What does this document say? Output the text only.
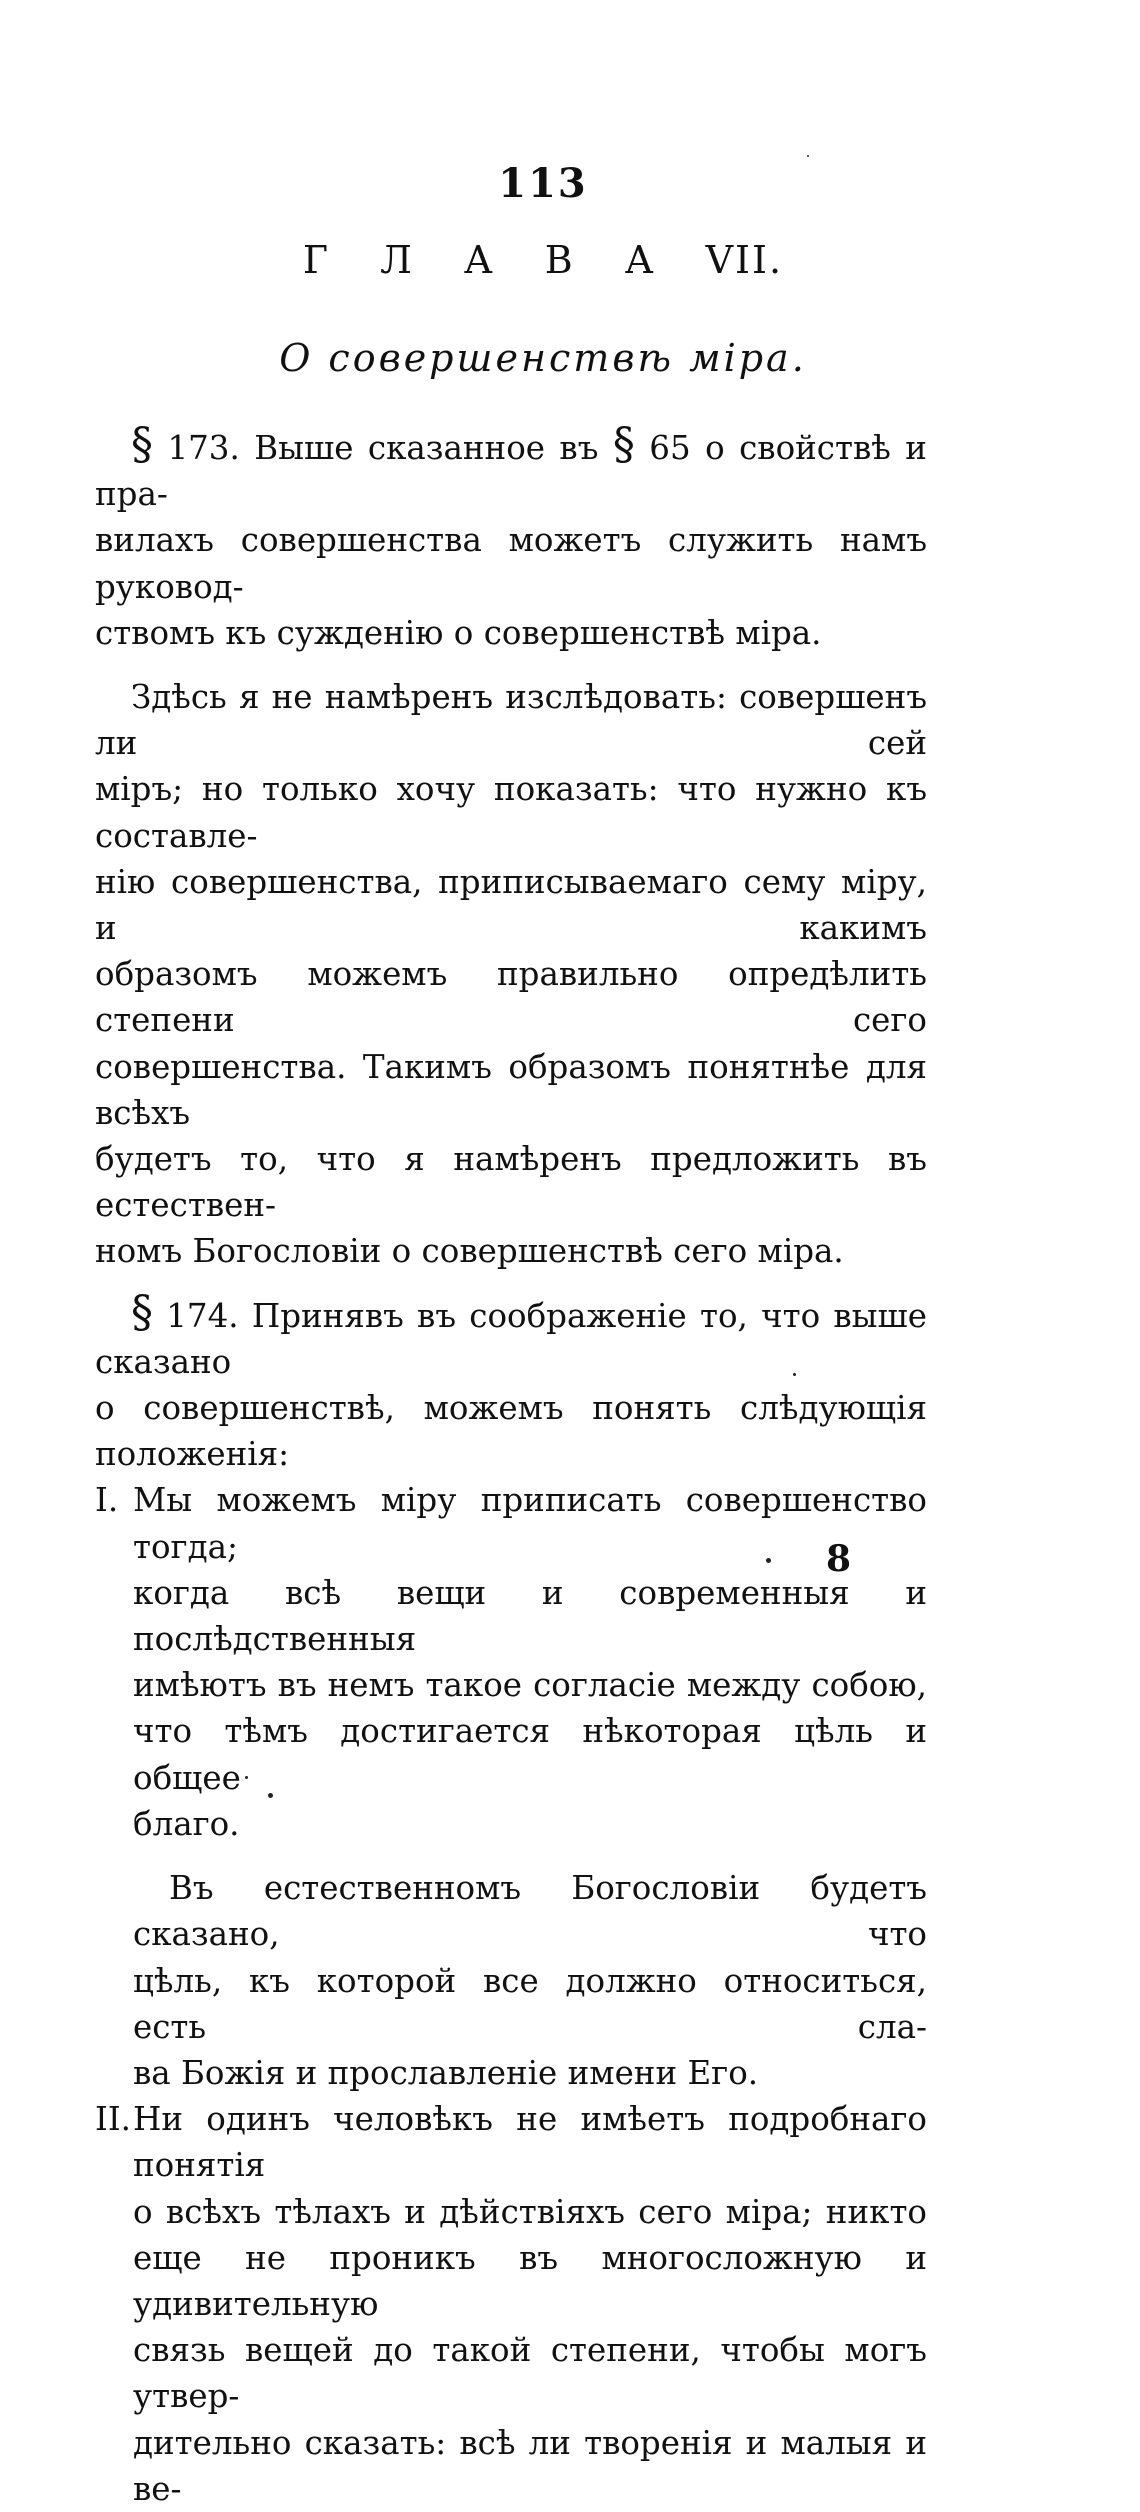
113
Г Л А В А VII.
О совершенствѣ міра.

§ 173. Выше сказанное въ § 65 о свойствѣ и пра-

вилахъ совершенства можетъ служить намъ руковод-

ствомъ къ сужденію о совершенствѣ міра.

Здѣсь я не намѣренъ изслѣдовать: совершенъ ли сей

міръ; но только хочу показать: что нужно къ составле-

нію совершенства, приписываемаго сему міру, и какимъ

образомъ можемъ правильно опредѣлить степени сего

совершенства. Такимъ образомъ понятнѣе для всѣхъ

будетъ то, что я намѣренъ предложить въ естествен-

номъ Богословіи о совершенствѣ сего міра.

§ 174. Принявъ въ соображеніе то, что выше сказано

о совершенствѣ, можемъ понять слѣдующія положенія:

I. Мы можемъ міру приписать совершенство тогда;

когда всѣ вещи и современныя и послѣдственныя

имѣютъ въ немъ такое согласіе между собою,

что тѣмъ достигается нѣкоторая цѣль и общее

благо.

Въ естественномъ Богословіи будетъ сказано, что

цѣль, къ которой все должно относиться, есть сла-

ва Божія и прославленіе имени Его.

II.Ни одинъ человѣкъ не имѣетъ подробнаго понятія

о всѣхъ тѣлахъ и дѣйствіяхъ сего міра; никто

еще не проникъ въ многосложную и удивительную

связь вещей до такой степени, чтобы могъ утвер-

дительно сказать: всѣ ли творенія и малыя и ве-

8
